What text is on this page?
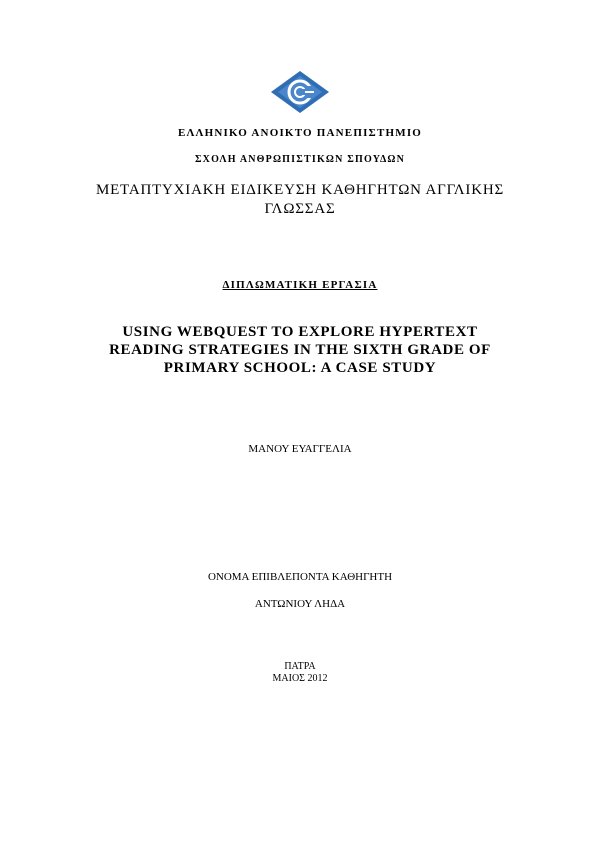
ΕΛΛΗΝΙΚΟ ΑΝΟΙΚΤΟ ΠΑΝΕΠΙΣΤΗΜΙΟ
ΣΧΟΛΗ ΑΝΘΡΩΠΙΣΤΙΚΩΝ ΣΠΟΥΔΩΝ
ΜΕΤΑΠΤΥΧΙΑΚΗ ΕΙΔΙΚΕΥΣΗ ΚΑΘΗΓΗΤΩΝ ΑΓΓΛΙΚΗΣ
ΓΛΩΣΣΑΣ
ΔΙΠΛΩΜΑΤΙΚΗ ΕΡΓΑΣΙΑ
USING WEBQUEST TO EXPLORE HYPERTEXT
READING STRATEGIES IN THE SIXTH GRADE OF
PRIMARY SCHOOL: A CASE STUDY
ΜΑΝΟΥ ΕΥΑΓΓΕΛΙΑ
ΟΝΟΜΑ ΕΠΙΒΛΕΠΟΝΤΑ ΚΑΘΗΓΗΤΗ
ΑΝΤΩΝΙΟΥ ΛΗΔΑ
ΠΑΤΡΑ
ΜΑΙΟΣ 2012
